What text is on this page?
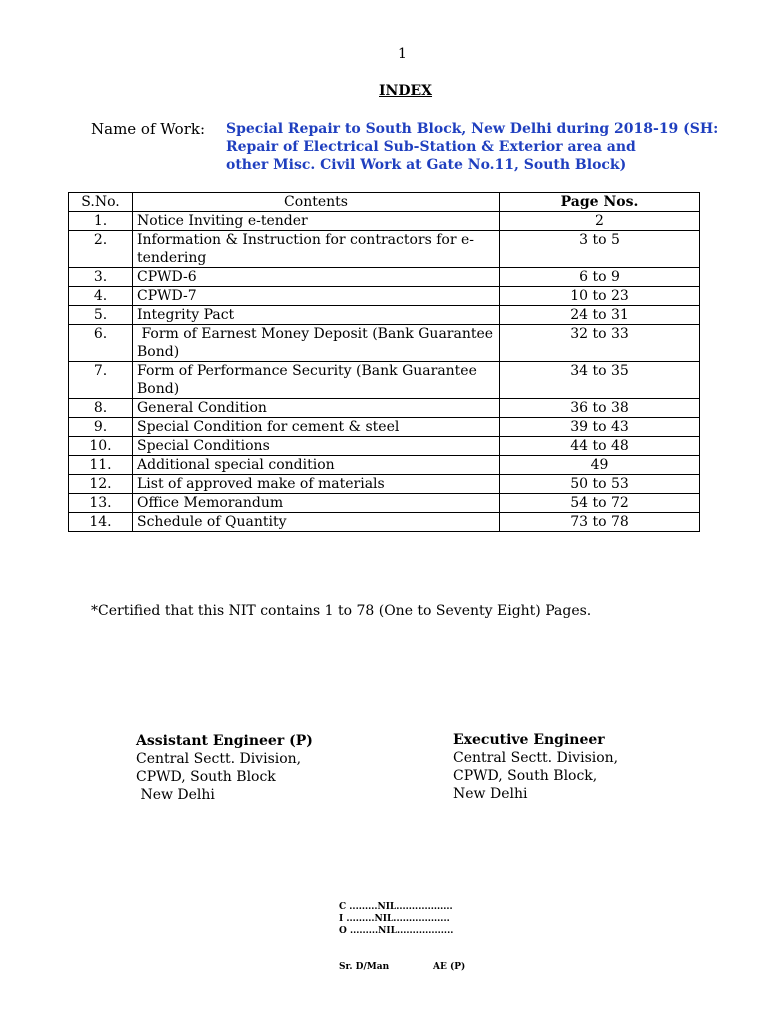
1
INDEX
Name of Work: Special Repair to South Block, New Delhi during 2018-19 (SH:
Repair of Electrical Sub-Station & Exterior area and
other Misc. Civil Work at Gate No.11, South Block)
S.No.	Contents	Page Nos.
1.	Notice Inviting e-tender	2
2.	Information & Instruction for contractors for e-tendering	3 to 5
3.	CPWD-6	6 to 9
4.	CPWD-7	10 to 23
5.	Integrity Pact	24 to 31
6.	Form of Earnest Money Deposit (Bank Guarantee Bond)	32 to 33
7.	Form of Performance Security (Bank Guarantee Bond)	34 to 35
8.	General Condition	36 to 38
9.	Special Condition for cement & steel	39 to 43
10.	Special Conditions	44 to 48
11.	Additional special condition	49
12.	List of approved make of materials	50 to 53
13.	Office Memorandum	54 to 72
14.	Schedule of Quantity	73 to 78
*Certified that this NIT contains 1 to 78 (One to Seventy Eight) Pages.
Assistant Engineer (P)
Central Sectt. Division,
CPWD, South Block
New Delhi
Executive Engineer
Central Sectt. Division,
CPWD, South Block,
New Delhi
C .........NIL..................
I .........NIL..................
O .........NIL..................
Sr. D/Man	AE (P)
